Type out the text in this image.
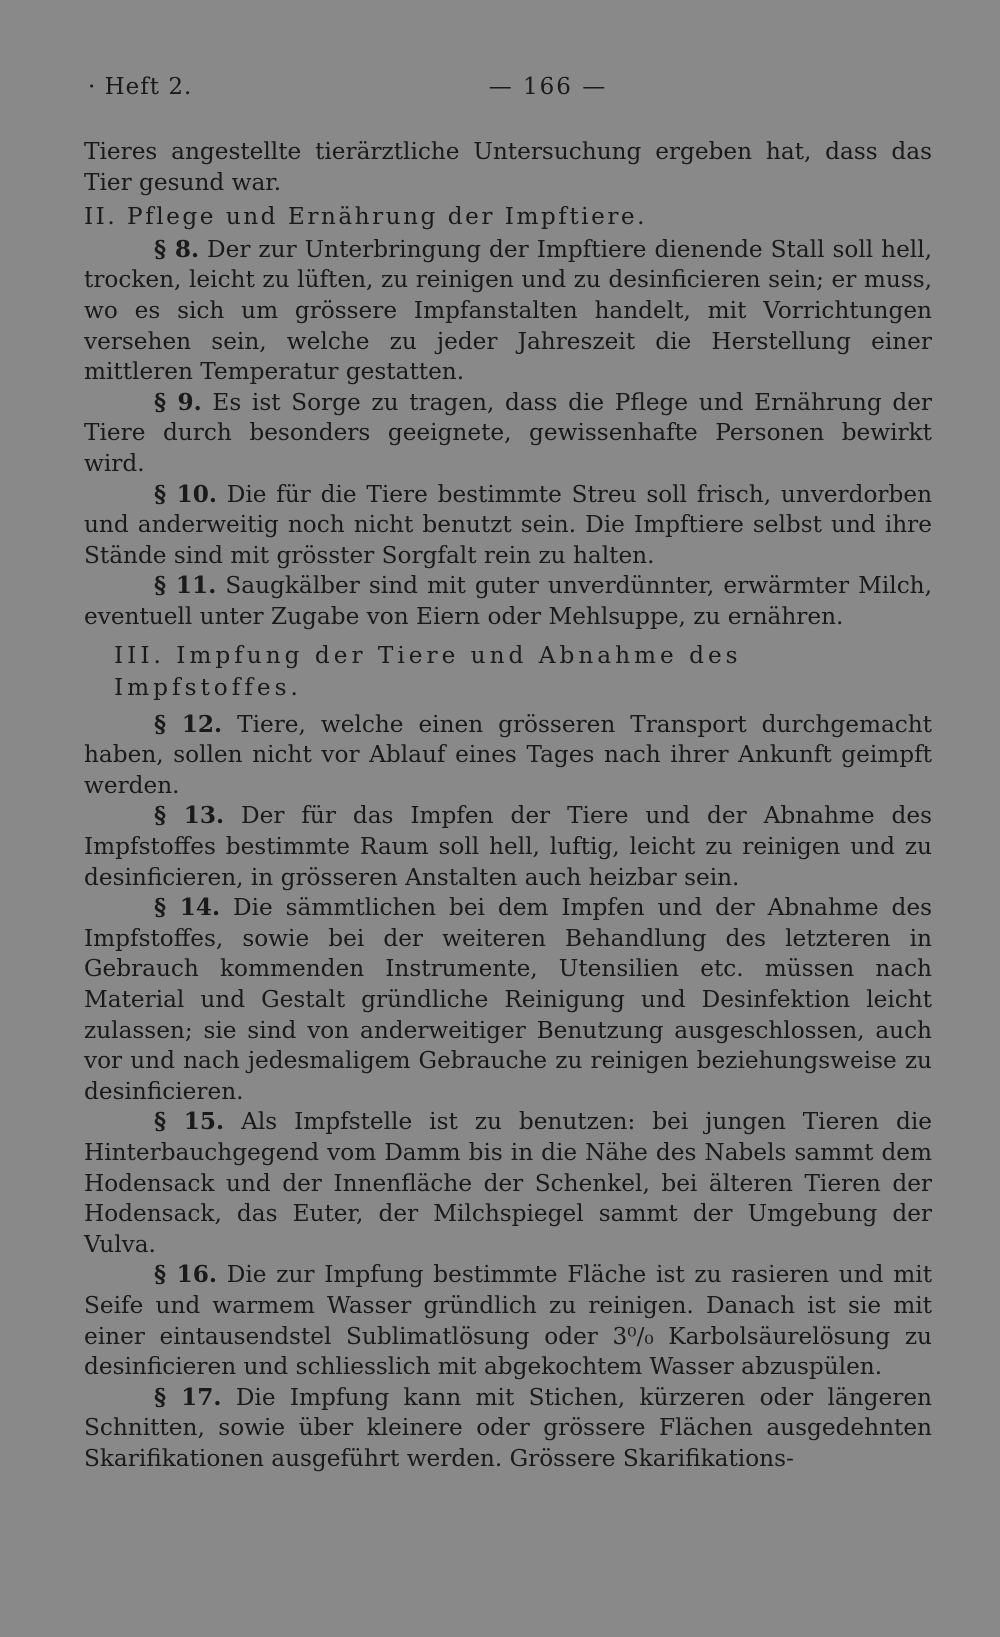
· Heft 2.	— 166 —

Tieres angestellte tierärztliche Untersuchung ergeben hat, dass das Tier gesund war.

II. Pflege und Ernährung der Impftiere.

§ 8. Der zur Unterbringung der Impftiere dienende Stall soll hell, trocken, leicht zu lüften, zu reinigen und zu desinficieren sein; er muss, wo es sich um grössere Impfanstalten handelt, mit Vorrichtungen versehen sein, welche zu jeder Jahreszeit die Herstellung einer mittleren Temperatur gestatten.

§ 9. Es ist Sorge zu tragen, dass die Pflege und Ernährung der Tiere durch besonders geeignete, gewissenhafte Personen bewirkt wird.

§ 10. Die für die Tiere bestimmte Streu soll frisch, unverdorben und anderweitig noch nicht benutzt sein. Die Impftiere selbst und ihre Stände sind mit grösster Sorgfalt rein zu halten.

§ 11. Saugkälber sind mit guter unverdünnter, erwärmter Milch, eventuell unter Zugabe von Eiern oder Mehlsuppe, zu ernähren.

III. Impfung der Tiere und Abnahme des

Impfstoffes.

§ 12. Tiere, welche einen grösseren Transport durchgemacht haben, sollen nicht vor Ablauf eines Tages nach ihrer Ankunft geimpft werden.

§ 13. Der für das Impfen der Tiere und der Abnahme des Impfstoffes bestimmte Raum soll hell, luftig, leicht zu reinigen und zu desinficieren, in grösseren Anstalten auch heizbar sein.

§ 14. Die sämmtlichen bei dem Impfen und der Abnahme des Impfstoffes, sowie bei der weiteren Behandlung des letzteren in Gebrauch kommenden Instrumente, Utensilien etc. müssen nach Material und Gestalt gründliche Reinigung und Desinfektion leicht zulassen; sie sind von anderweitiger Benutzung ausgeschlossen, auch vor und nach jedesmaligem Gebrauche zu reinigen beziehungsweise zu desinficieren.

§ 15. Als Impfstelle ist zu benutzen: bei jungen Tieren die Hinterbauchgegend vom Damm bis in die Nähe des Nabels sammt dem Hodensack und der Innenfläche der Schenkel, bei älteren Tieren der Hodensack, das Euter, der Milchspiegel sammt der Umgebung der Vulva.

§ 16. Die zur Impfung bestimmte Fläche ist zu rasieren und mit Seife und warmem Wasser gründlich zu reinigen. Danach ist sie mit einer eintausendstel Sublimatlösung oder 3⁰/₀ Karbolsäurelösung zu desinficieren und schliesslich mit abgekochtem Wasser abzuspülen.

§ 17. Die Impfung kann mit Stichen, kürzeren oder längeren Schnitten, sowie über kleinere oder grössere Flächen ausgedehnten Skarifikationen ausgeführt werden. Grössere Skarifikations-
